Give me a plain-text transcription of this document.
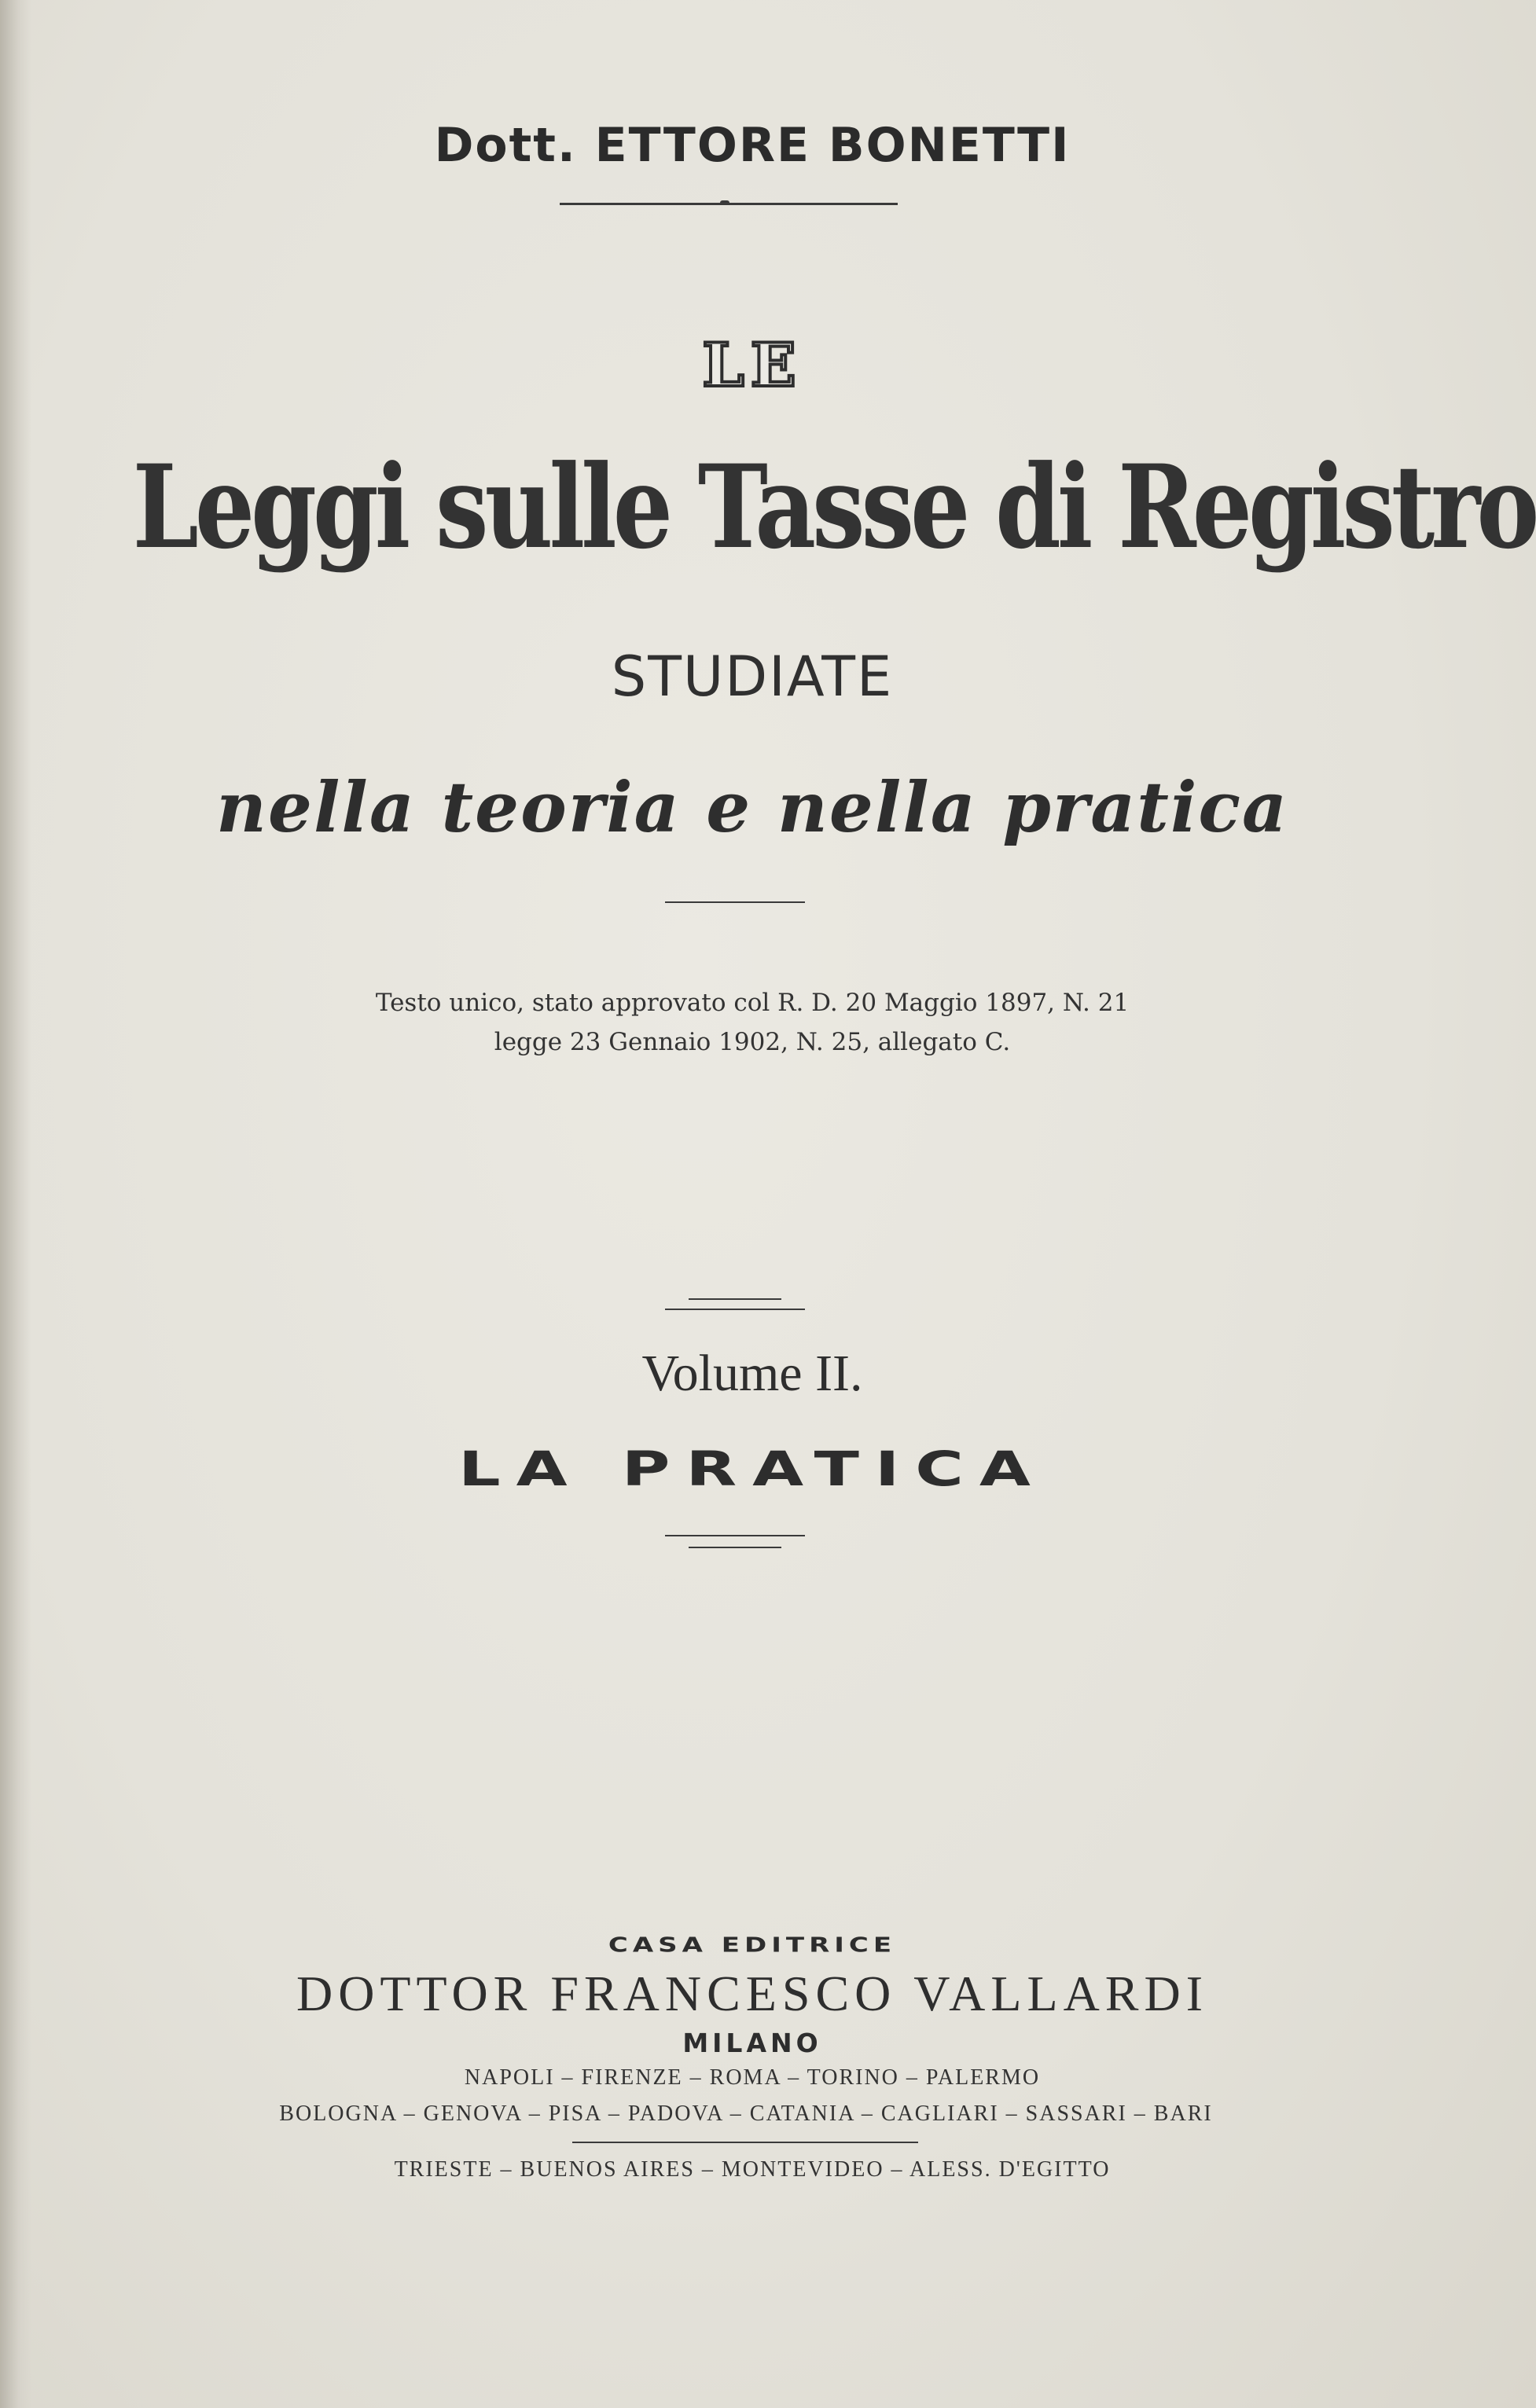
Dott. ETTORE BONETTI
LE
Leggi sulle Tasse di Registro
STUDIATE
nella teoria e nella pratica
Testo unico, stato approvato col R. D. 20 Maggio 1897, N. 21
legge 23 Gennaio 1902, N. 25, allegato C.
Volume II.
LA PRATICA
CASA EDITRICE
DOTTOR FRANCESCO VALLARDI
MILANO
NAPOLI – FIRENZE – ROMA – TORINO – PALERMO
BOLOGNA – GENOVA – PISA – PADOVA – CATANIA – CAGLIARI – SASSARI – BARI
TRIESTE – BUENOS AIRES – MONTEVIDEO – ALESS. D'EGITTO
